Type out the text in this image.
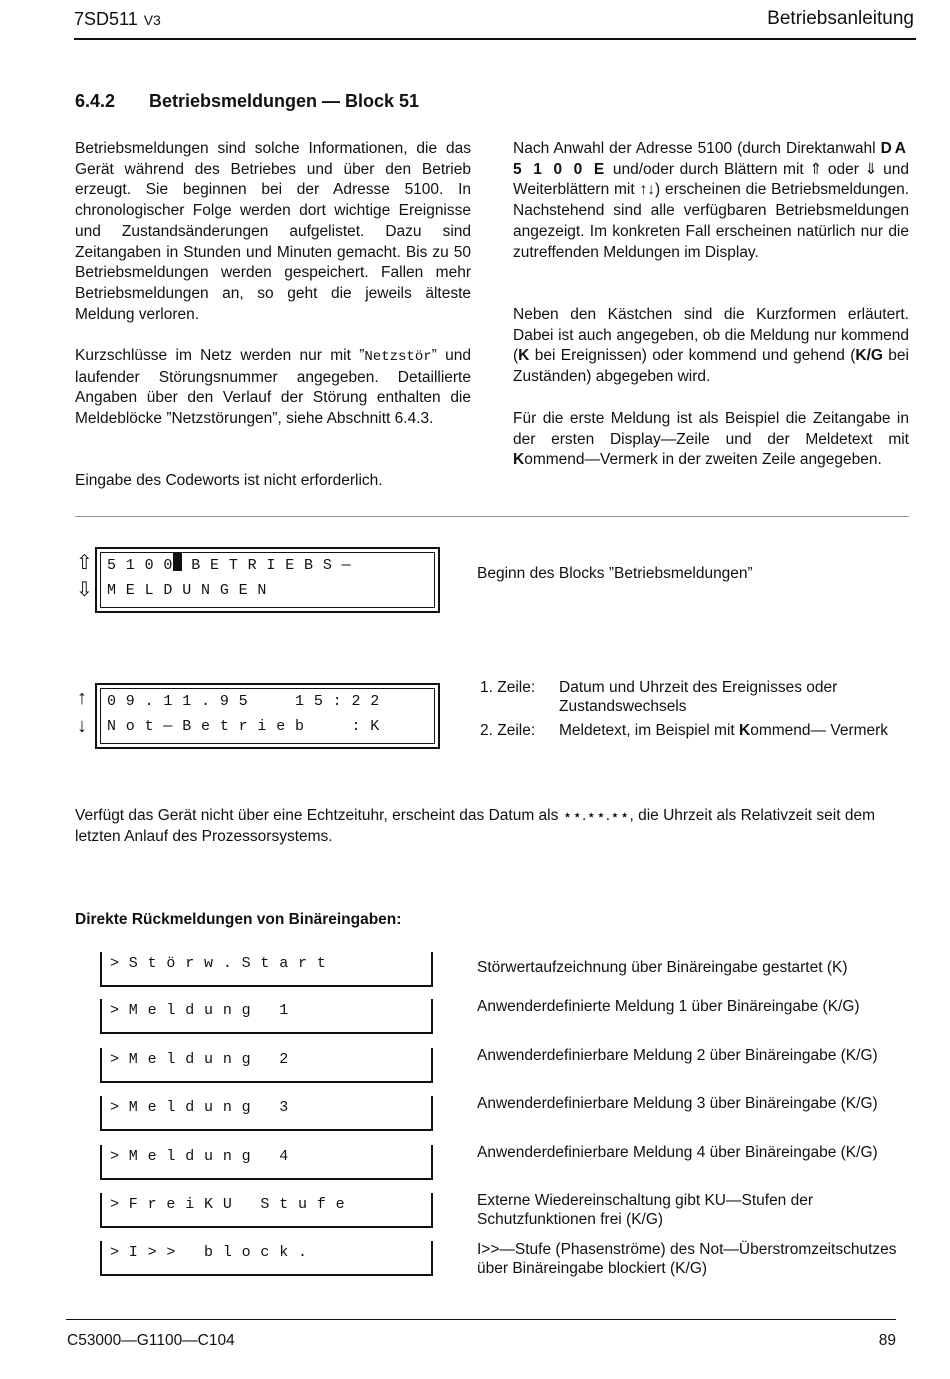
7SD511 V3	Betriebsanleitung
6.4.2 Betriebsmeldungen — Block 51
Betriebsmeldungen sind solche Informationen, die das Gerät während des Betriebes und über den Betrieb erzeugt. Sie beginnen bei der Adresse 5100. In chronologischer Folge werden dort wichtige Ereignisse und Zustandsänderungen aufgelistet. Dazu sind Zeitangaben in Stunden und Minuten gemacht. Bis zu 50 Betriebsmeldungen werden gespeichert. Fallen mehr Betriebsmeldungen an, so geht die jeweils älteste Meldung verloren.
Kurzschlüsse im Netz werden nur mit ”Netzstör” und laufender Störungsnummer angegeben. Detaillierte Angaben über den Verlauf der Störung enthalten die Meldeblöcke ”Netzstörungen”, siehe Abschnitt 6.4.3.
Eingabe des Codeworts ist nicht erforderlich.
Nach Anwahl der Adresse 5100 (durch Direktanwahl DA 5 1 0 0 E und/oder durch Blättern mit ⇑ oder ⇓ und Weiterblättern mit ↑↓) erscheinen die Betriebsmeldungen. Nachstehend sind alle verfügbaren Betriebsmeldungen angezeigt. Im konkreten Fall erscheinen natürlich nur die zutreffenden Meldungen im Display.
Neben den Kästchen sind die Kurzformen erläutert. Dabei ist auch angegeben, ob die Meldung nur kommend (K bei Ereignissen) oder kommend und gehend (K/G bei Zuständen) abgegeben wird.
Für die erste Meldung ist als Beispiel die Zeitangabe in der ersten Display—Zeile und der Meldetext mit Kommend—Vermerk in der zweiten Zeile angegeben.
⇧
⇩
5 1 0 0 B E T R I E B S —
M E L D U N G E N
Beginn des Blocks ”Betriebsmeldungen”
↑
↓
0 9 . 1 1 . 9 5     1 5 : 2 2
N o t — B e t r i e b     : K
1. Zeile: Datum und Uhrzeit des Ereignisses oder Zustandswechsels
2. Zeile: Meldetext, im Beispiel mit Kommend— Vermerk
Verfügt das Gerät nicht über eine Echtzeituhr, erscheint das Datum als ⋆⋆.⋆⋆.⋆⋆, die Uhrzeit als Relativzeit seit dem letzten Anlauf des Prozessorsystems.
Direkte Rückmeldungen von Binäreingaben:
> S t ö r w . S t a r t	Störwertaufzeichnung über Binäreingabe gestartet (K)
> M e l d u n g   1	Anwenderdefinierte Meldung 1 über Binäreingabe (K/G)
> M e l d u n g   2	Anwenderdefinierbare Meldung 2 über Binäreingabe (K/G)
> M e l d u n g   3	Anwenderdefinierbare Meldung 3 über Binäreingabe (K/G)
> M e l d u n g   4	Anwenderdefinierbare Meldung 4 über Binäreingabe (K/G)
> F r e i K U   S t u f e	Externe Wiedereinschaltung gibt KU—Stufen der Schutzfunktionen frei (K/G)
> I > >   b l o c k .	I>>—Stufe (Phasenströme) des Not—Überstromzeitschutzes über Binäreingabe blockiert (K/G)
C53000—G1100—C104	89
